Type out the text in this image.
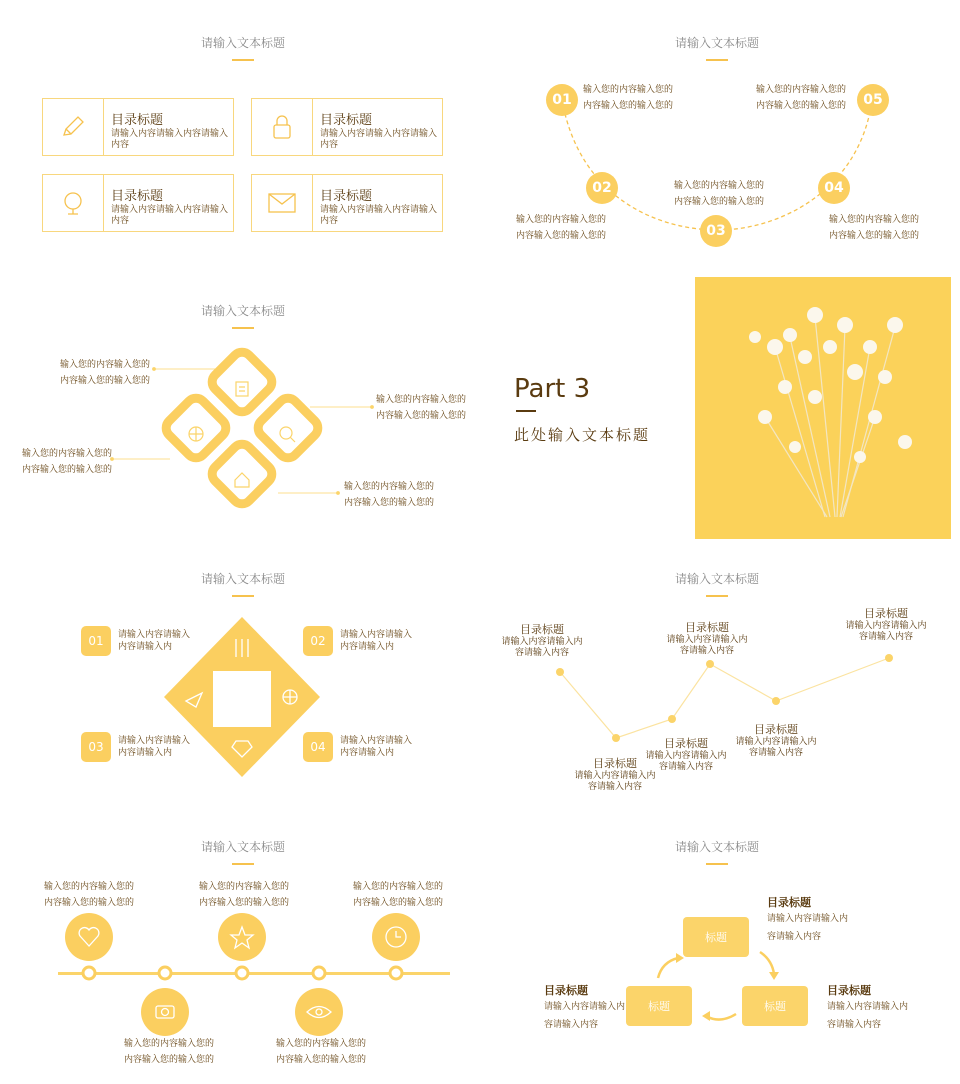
请输入文本标题
目录标题
请输入内容请输入内容请输入内容
目录标题
请输入内容请输入内容请输入内容
目录标题
请输入内容请输入内容请输入内容
目录标题
请输入内容请输入内容请输入内容
请输入文本标题
01
02
03
04
05
输入您的内容输入您的内容输入您的输入您的
输入您的内容输入您的内容输入您的输入您的
输入您的内容输入您的内容输入您的输入您的
输入您的内容输入您的内容输入您的输入您的
输入您的内容输入您的内容输入您的输入您的
请输入文本标题
输入您的内容输入您的内容输入您的输入您的
输入您的内容输入您的内容输入您的输入您的
输入您的内容输入您的内容输入您的输入您的
输入您的内容输入您的内容输入您的输入您的
Part 3
此处输入文本标题
请输入文本标题
01	02
03	04
请输入内容请输入内容请输入内
请输入内容请输入内容请输入内
请输入内容请输入内容请输入内
请输入内容请输入内容请输入内
请输入文本标题
目录标题
请输入内容请输入内容请输入内容
目录标题
请输入内容请输入内容请输入内容
目录标题
请输入内容请输入内容请输入内容
目录标题
请输入内容请输入内容请输入内容
目录标题
请输入内容请输入内容请输入内容
目录标题
请输入内容请输入内容请输入内容
请输入文本标题
输入您的内容输入您的内容输入您的输入您的
输入您的内容输入您的内容输入您的输入您的
输入您的内容输入您的内容输入您的输入您的
输入您的内容输入您的内容输入您的输入您的
输入您的内容输入您的内容输入您的输入您的
请输入文本标题
标题
标题
标题
目录标题
请输入内容请输入内容请输入内容
目录标题
请输入内容请输入内容请输入内容
目录标题
请输入内容请输入内容请输入内容
